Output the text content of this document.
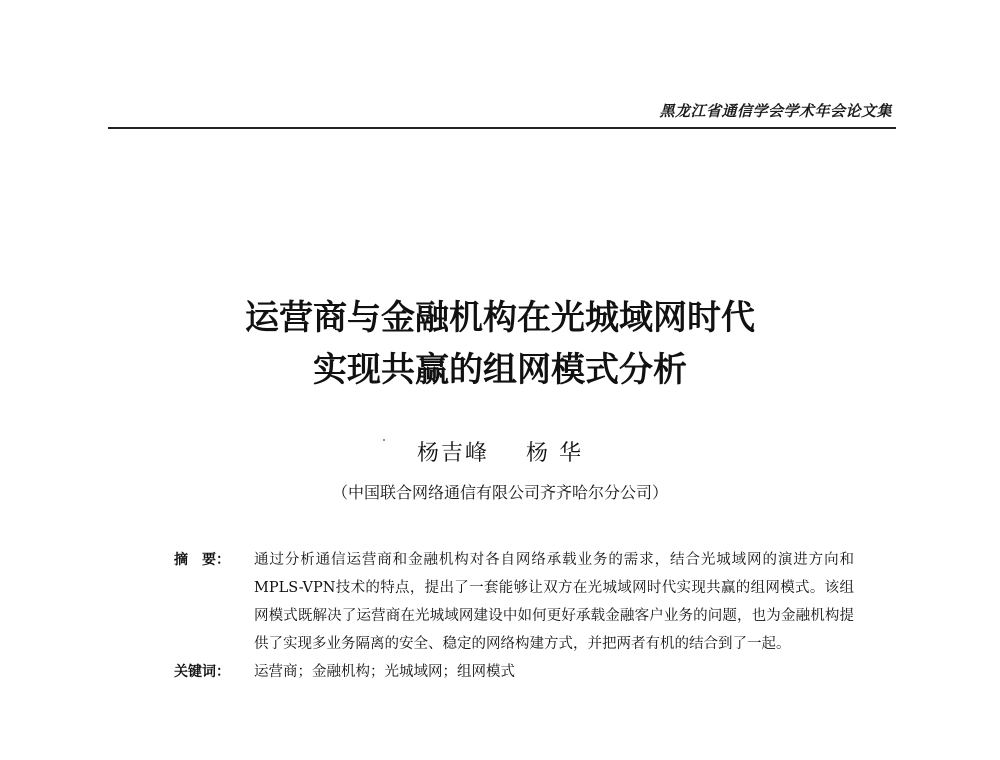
黑龙江省通信学会学术年会论文集
运营商与金融机构在光城域网时代
实现共赢的组网模式分析
杨吉峰 杨 华
（中国联合网络通信有限公司齐齐哈尔分公司）
摘　要：	通过分析通信运营商和金融机构对各自网络承载业务的需求，结合光城域网的演进方向和MPLS-VPN技术的特点，提出了一套能够让双方在光城域网时代实现共赢的组网模式。该组网模式既解决了运营商在光城域网建设中如何更好承载金融客户业务的问题，也为金融机构提供了实现多业务隔离的安全、稳定的网络构建方式，并把两者有机的结合到了一起。
关键词：	运营商；金融机构；光城域网；组网模式
